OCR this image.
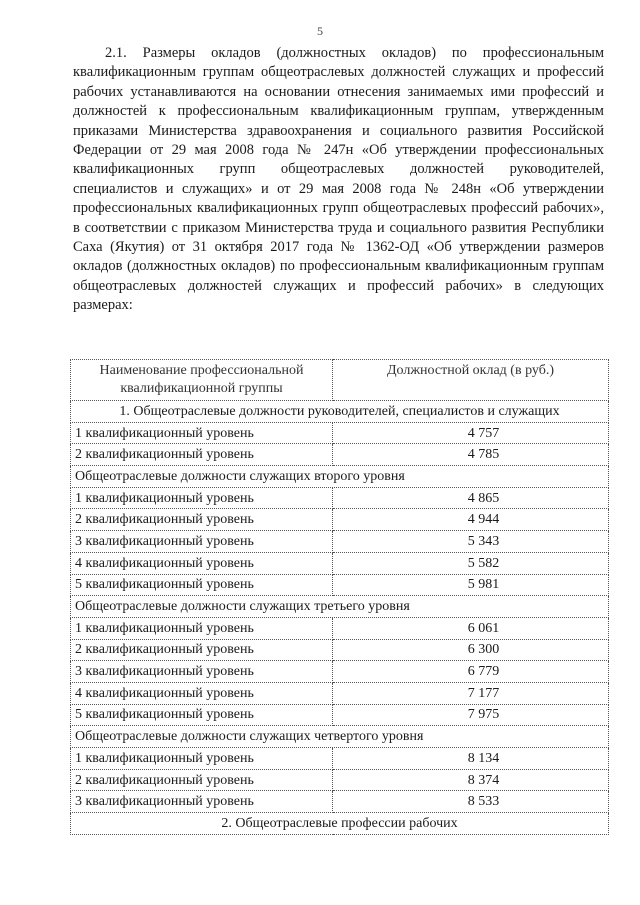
5

2.1. Размеры окладов (должностных окладов) по профессиональным квалификационным группам общеотраслевых должностей служащих и профессий рабочих устанавливаются на основании отнесения занимаемых ими профессий и должностей к профессиональным квалификационным группам, утвержденным приказами Министерства здравоохранения и социального развития Российской Федерации от 29 мая 2008 года № 247н «Об утверждении профессиональных квалификационных групп общеотраслевых должностей руководителей, специалистов и служащих» и от 29 мая 2008 года № 248н «Об утверждении профессиональных квалификационных групп общеотраслевых профессий рабочих», в соответствии с приказом Министерства труда и социального развития Республики Саха (Якутия) от 31 октября 2017 года № 1362-ОД «Об утверждении размеров окладов (должностных окладов) по профессиональным квалификационным группам общеотраслевых должностей служащих и профессий рабочих» в следующих размерах:

Наименование профессиональной квалификационной группы	Должностной оклад (в руб.)
1. Общеотраслевые должности руководителей, специалистов и служащих	
1 квалификационный уровень	4 757
2 квалификационный уровень	4 785
Общеотраслевые должности служащих второго уровня	
1 квалификационный уровень	4 865
2 квалификационный уровень	4 944
3 квалификационный уровень	5 343
4 квалификационный уровень	5 582
5 квалификационный уровень	5 981
Общеотраслевые должности служащих третьего уровня	
1 квалификационный уровень	6 061
2 квалификационный уровень	6 300
3 квалификационный уровень	6 779
4 квалификационный уровень	7 177
5 квалификационный уровень	7 975
Общеотраслевые должности служащих четвертого уровня	
1 квалификационный уровень	8 134
2 квалификационный уровень	8 374
3 квалификационный уровень	8 533
2. Общеотраслевые профессии рабочих	
